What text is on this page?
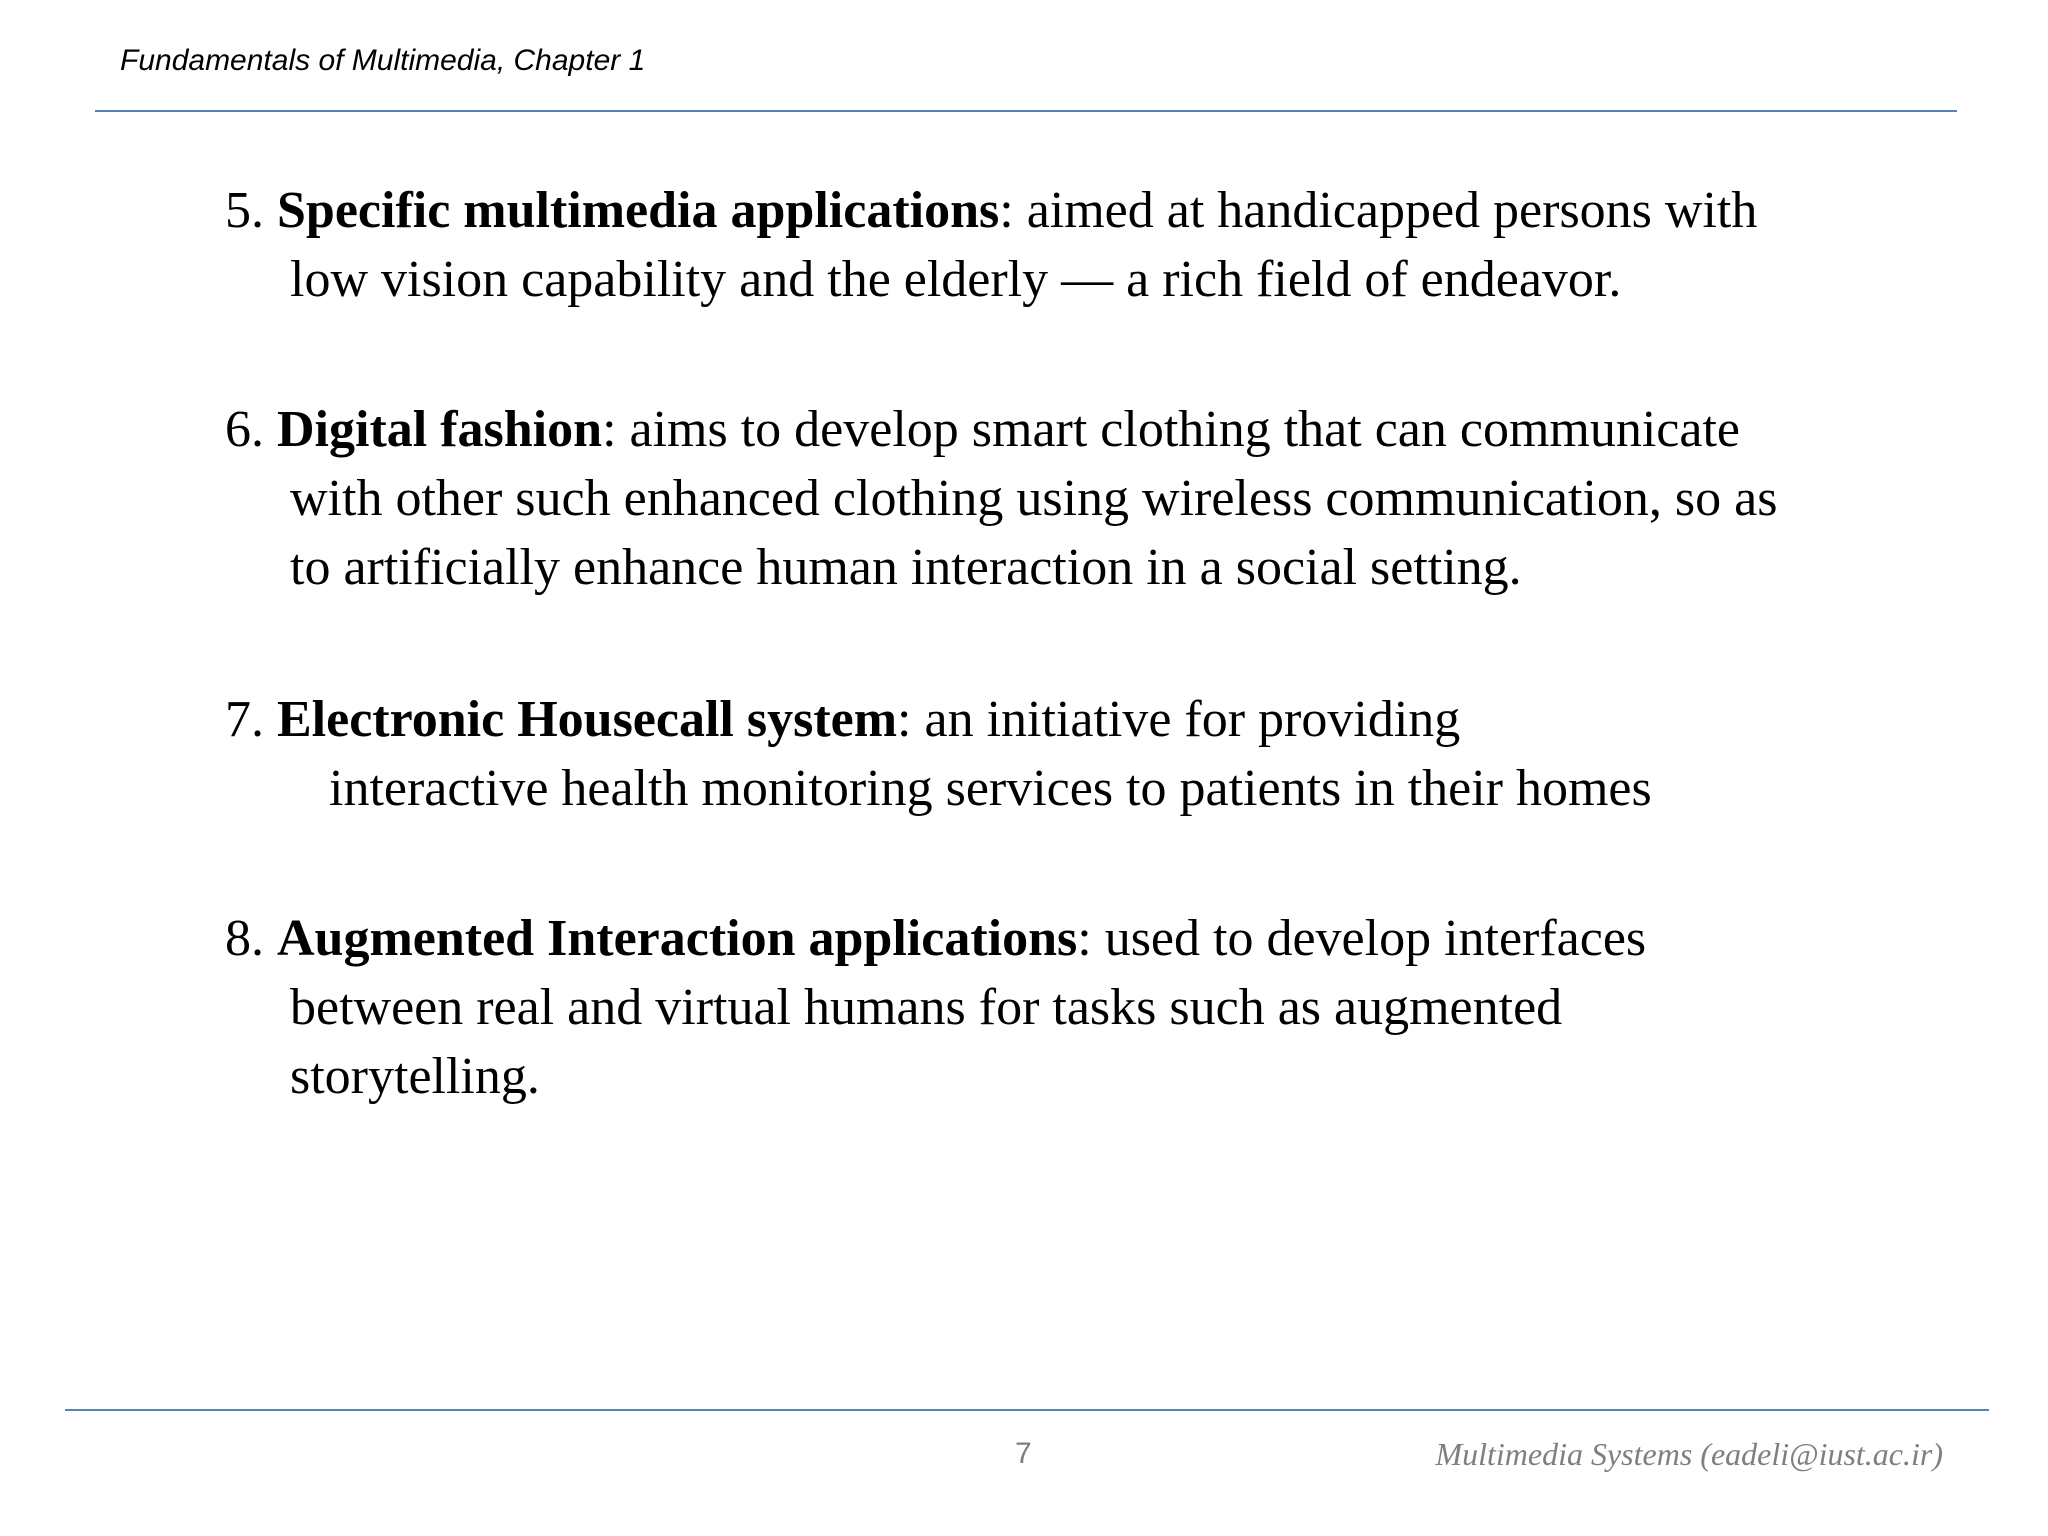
Fundamentals of Multimedia, Chapter 1
5. Specific multimedia applications: aimed at handicapped persons with
low vision capability and the elderly — a rich field of endeavor.
6. Digital fashion: aims to develop smart clothing that can communicate
with other such enhanced clothing using wireless communication, so as
to artificially enhance human interaction in a social setting.
7. Electronic Housecall system: an initiative for providing
interactive health monitoring services to patients in their homes
8. Augmented Interaction applications: used to develop interfaces
between real and virtual humans for tasks such as augmented
storytelling.
7	Multimedia Systems (eadeli@iust.ac.ir)
